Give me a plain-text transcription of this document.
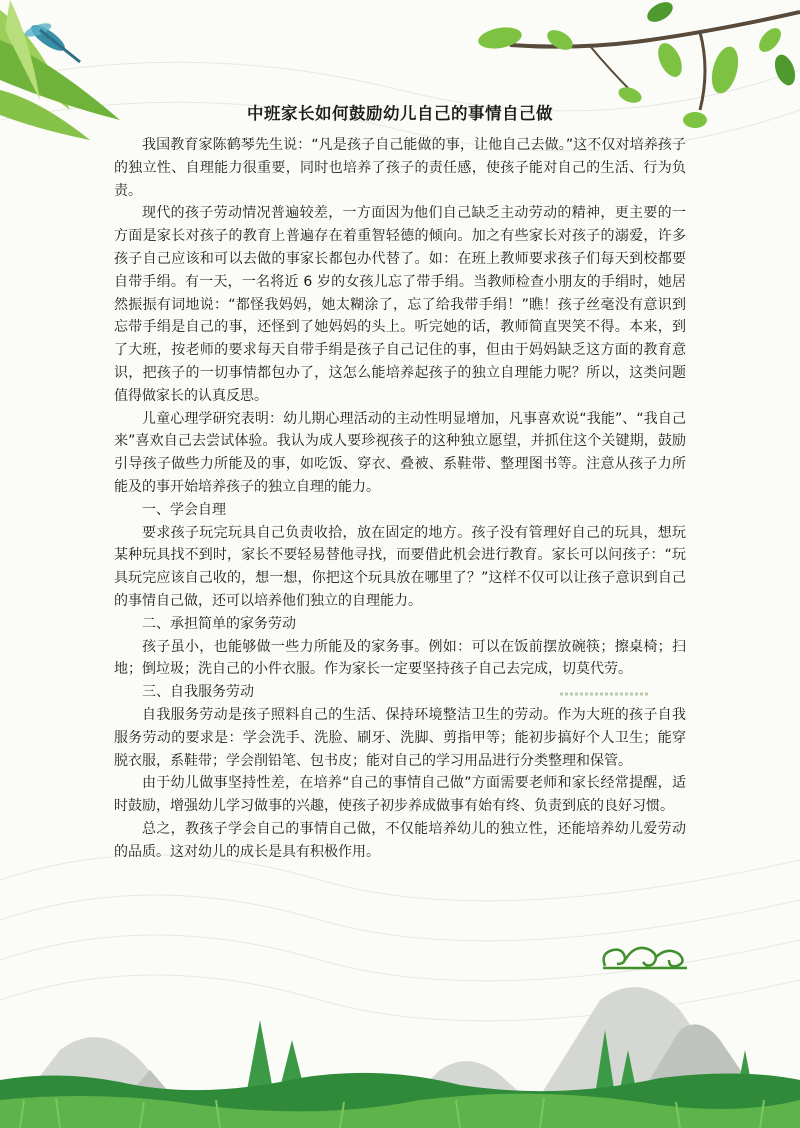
中班家长如何鼓励幼儿自己的事情自己做

我国教育家陈鹤琴先生说：“凡是孩子自己能做的事，让他自己去做。”这不仅对培养孩子的独立性、自理能力很重要，同时也培养了孩子的责任感，使孩子能对自己的生活、行为负责。

现代的孩子劳动情况普遍较差，一方面因为他们自己缺乏主动劳动的精神，更主要的一方面是家长对孩子的教育上普遍存在着重智轻德的倾向。加之有些家长对孩子的溺爱，许多孩子自己应该和可以去做的事家长都包办代替了。如：在班上教师要求孩子们每天到校都要自带手绢。有一天，一名将近 6 岁的女孩儿忘了带手绢。当教师检查小朋友的手绢时，她居然振振有词地说：“都怪我妈妈，她太糊涂了，忘了给我带手绢！”瞧！孩子丝毫没有意识到忘带手绢是自己的事，还怪到了她妈妈的头上。听完她的话，教师简直哭笑不得。本来，到了大班，按老师的要求每天自带手绢是孩子自己记住的事，但由于妈妈缺乏这方面的教育意识，把孩子的一切事情都包办了，这怎么能培养起孩子的独立自理能力呢？所以，这类问题值得做家长的认真反思。

儿童心理学研究表明：幼儿期心理活动的主动性明显增加，凡事喜欢说“我能”、“我自己来”喜欢自己去尝试体验。我认为成人要珍视孩子的这种独立愿望，并抓住这个关键期，鼓励引导孩子做些力所能及的事，如吃饭、穿衣、叠被、系鞋带、整理图书等。注意从孩子力所能及的事开始培养孩子的独立自理的能力。

一、学会自理

要求孩子玩完玩具自己负责收拾，放在固定的地方。孩子没有管理好自己的玩具，想玩某种玩具找不到时，家长不要轻易替他寻找，而要借此机会进行教育。家长可以问孩子：“玩具玩完应该自己收的，想一想，你把这个玩具放在哪里了？”这样不仅可以让孩子意识到自己的事情自己做，还可以培养他们独立的自理能力。

二、承担简单的家务劳动

孩子虽小，也能够做一些力所能及的家务事。例如：可以在饭前摆放碗筷；擦桌椅；扫地；倒垃圾；洗自己的小件衣服。作为家长一定要坚持孩子自己去完成，切莫代劳。

三、自我服务劳动

自我服务劳动是孩子照料自己的生活、保持环境整洁卫生的劳动。作为大班的孩子自我服务劳动的要求是：学会洗手、洗脸、刷牙、洗脚、剪指甲等；能初步搞好个人卫生；能穿脱衣服，系鞋带；学会削铅笔、包书皮；能对自己的学习用品进行分类整理和保管。

由于幼儿做事坚持性差，在培养“自己的事情自己做”方面需要老师和家长经常提醒，适时鼓励，增强幼儿学习做事的兴趣，使孩子初步养成做事有始有终、负责到底的良好习惯。

总之，教孩子学会自己的事情自己做，不仅能培养幼儿的独立性，还能培养幼儿爱劳动的品质。这对幼儿的成长是具有积极作用。
